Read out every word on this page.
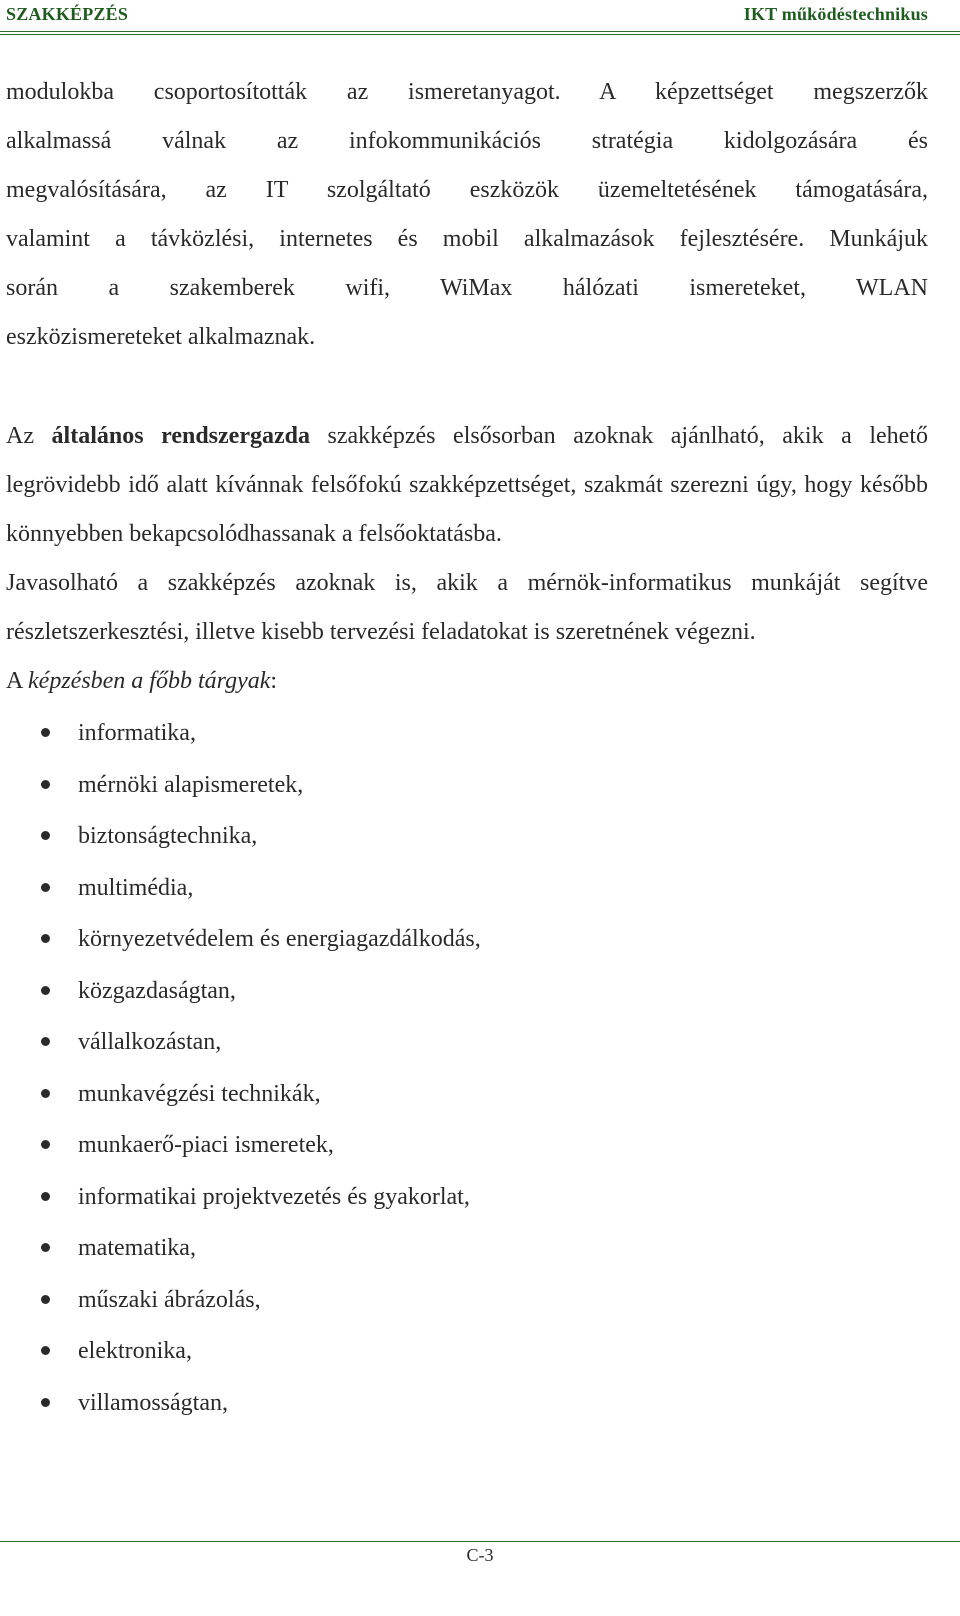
SZAKKÉPZÉS	IKT működéstechnikus

modulokba csoportosították az ismeretanyagot. A képzettséget megszerzők

alkalmassá válnak az infokommunikációs stratégia kidolgozására és

megvalósítására, az IT szolgáltató eszközök üzemeltetésének támogatására,

valamint a távközlési, internetes és mobil alkalmazások fejlesztésére. Munkájuk

során a szakemberek wifi, WiMax hálózati ismereteket, WLAN

eszközismereteket alkalmaznak.

Az általános rendszergazda szakképzés elsősorban azoknak ajánlható, akik a lehető legrövidebb idő alatt kívánnak felsőfokú szakképzettséget, szakmát szerezni úgy, hogy később könnyebben bekapcsolódhassanak a felsőoktatásba.

Javasolható a szakképzés azoknak is, akik a mérnök-informatikus munkáját segítve részletszerkesztési, illetve kisebb tervezési feladatokat is szeretnének végezni.

A képzésben a főbb tárgyak:

informatika,
mérnöki alapismeretek,
biztonságtechnika,
multimédia,
környezetvédelem és energiagazdálkodás,
közgazdaságtan,
vállalkozástan,
munkavégzési technikák,
munkaerő-piaci ismeretek,
informatikai projektvezetés és gyakorlat,
matematika,
műszaki ábrázolás,
elektronika,
villamosságtan,
C-3
